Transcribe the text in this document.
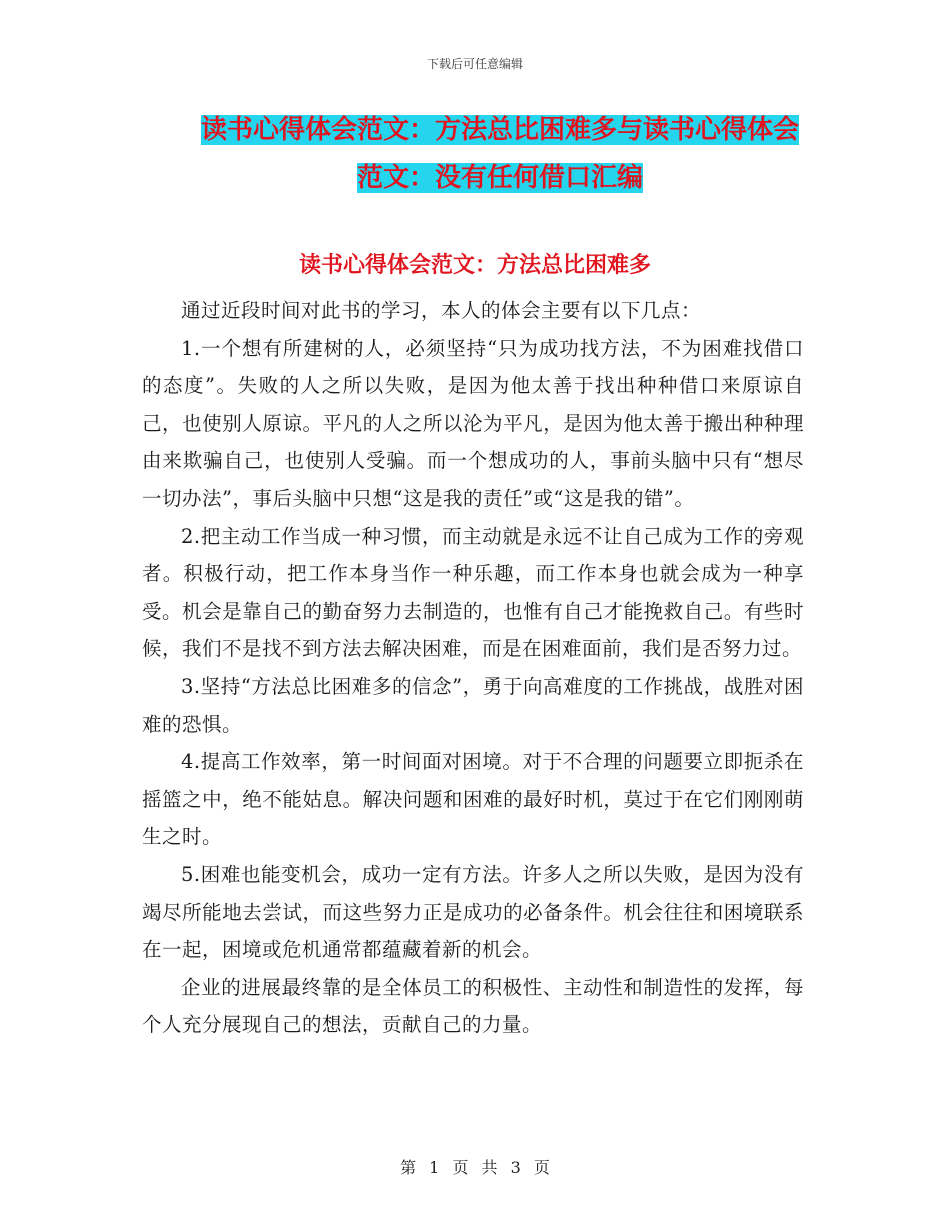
下载后可任意编辑
读书心得体会范文：方法总比困难多与读书心得体会
范文：没有任何借口汇编
读书心得体会范文：方法总比困难多

通过近段时间对此书的学习，本人的体会主要有以下几点：

1.一个想有所建树的人，必须坚持“只为成功找方法，不为困难找借口的态度”。失败的人之所以失败，是因为他太善于找出种种借口来原谅自己，也使别人原谅。平凡的人之所以沦为平凡，是因为他太善于搬出种种理由来欺骗自己，也使别人受骗。而一个想成功的人，事前头脑中只有“想尽一切办法”，事后头脑中只想“这是我的责任”或“这是我的错”。

2.把主动工作当成一种习惯，而主动就是永远不让自己成为工作的旁观者。积极行动，把工作本身当作一种乐趣，而工作本身也就会成为一种享受。机会是靠自己的勤奋努力去制造的，也惟有自己才能挽救自己。有些时候，我们不是找不到方法去解决困难，而是在困难面前，我们是否努力过。

3.坚持“方法总比困难多的信念”，勇于向高难度的工作挑战，战胜对困难的恐惧。

4.提高工作效率，第一时间面对困境。对于不合理的问题要立即扼杀在摇篮之中，绝不能姑息。解决问题和困难的最好时机，莫过于在它们刚刚萌生之时。

5.困难也能变机会，成功一定有方法。许多人之所以失败，是因为没有竭尽所能地去尝试，而这些努力正是成功的必备条件。机会往往和困境联系在一起，困境或危机通常都蕴藏着新的机会。

企业的进展最终靠的是全体员工的积极性、主动性和制造性的发挥，每个人充分展现自己的想法，贡献自己的力量。

第 1 页 共 3 页
